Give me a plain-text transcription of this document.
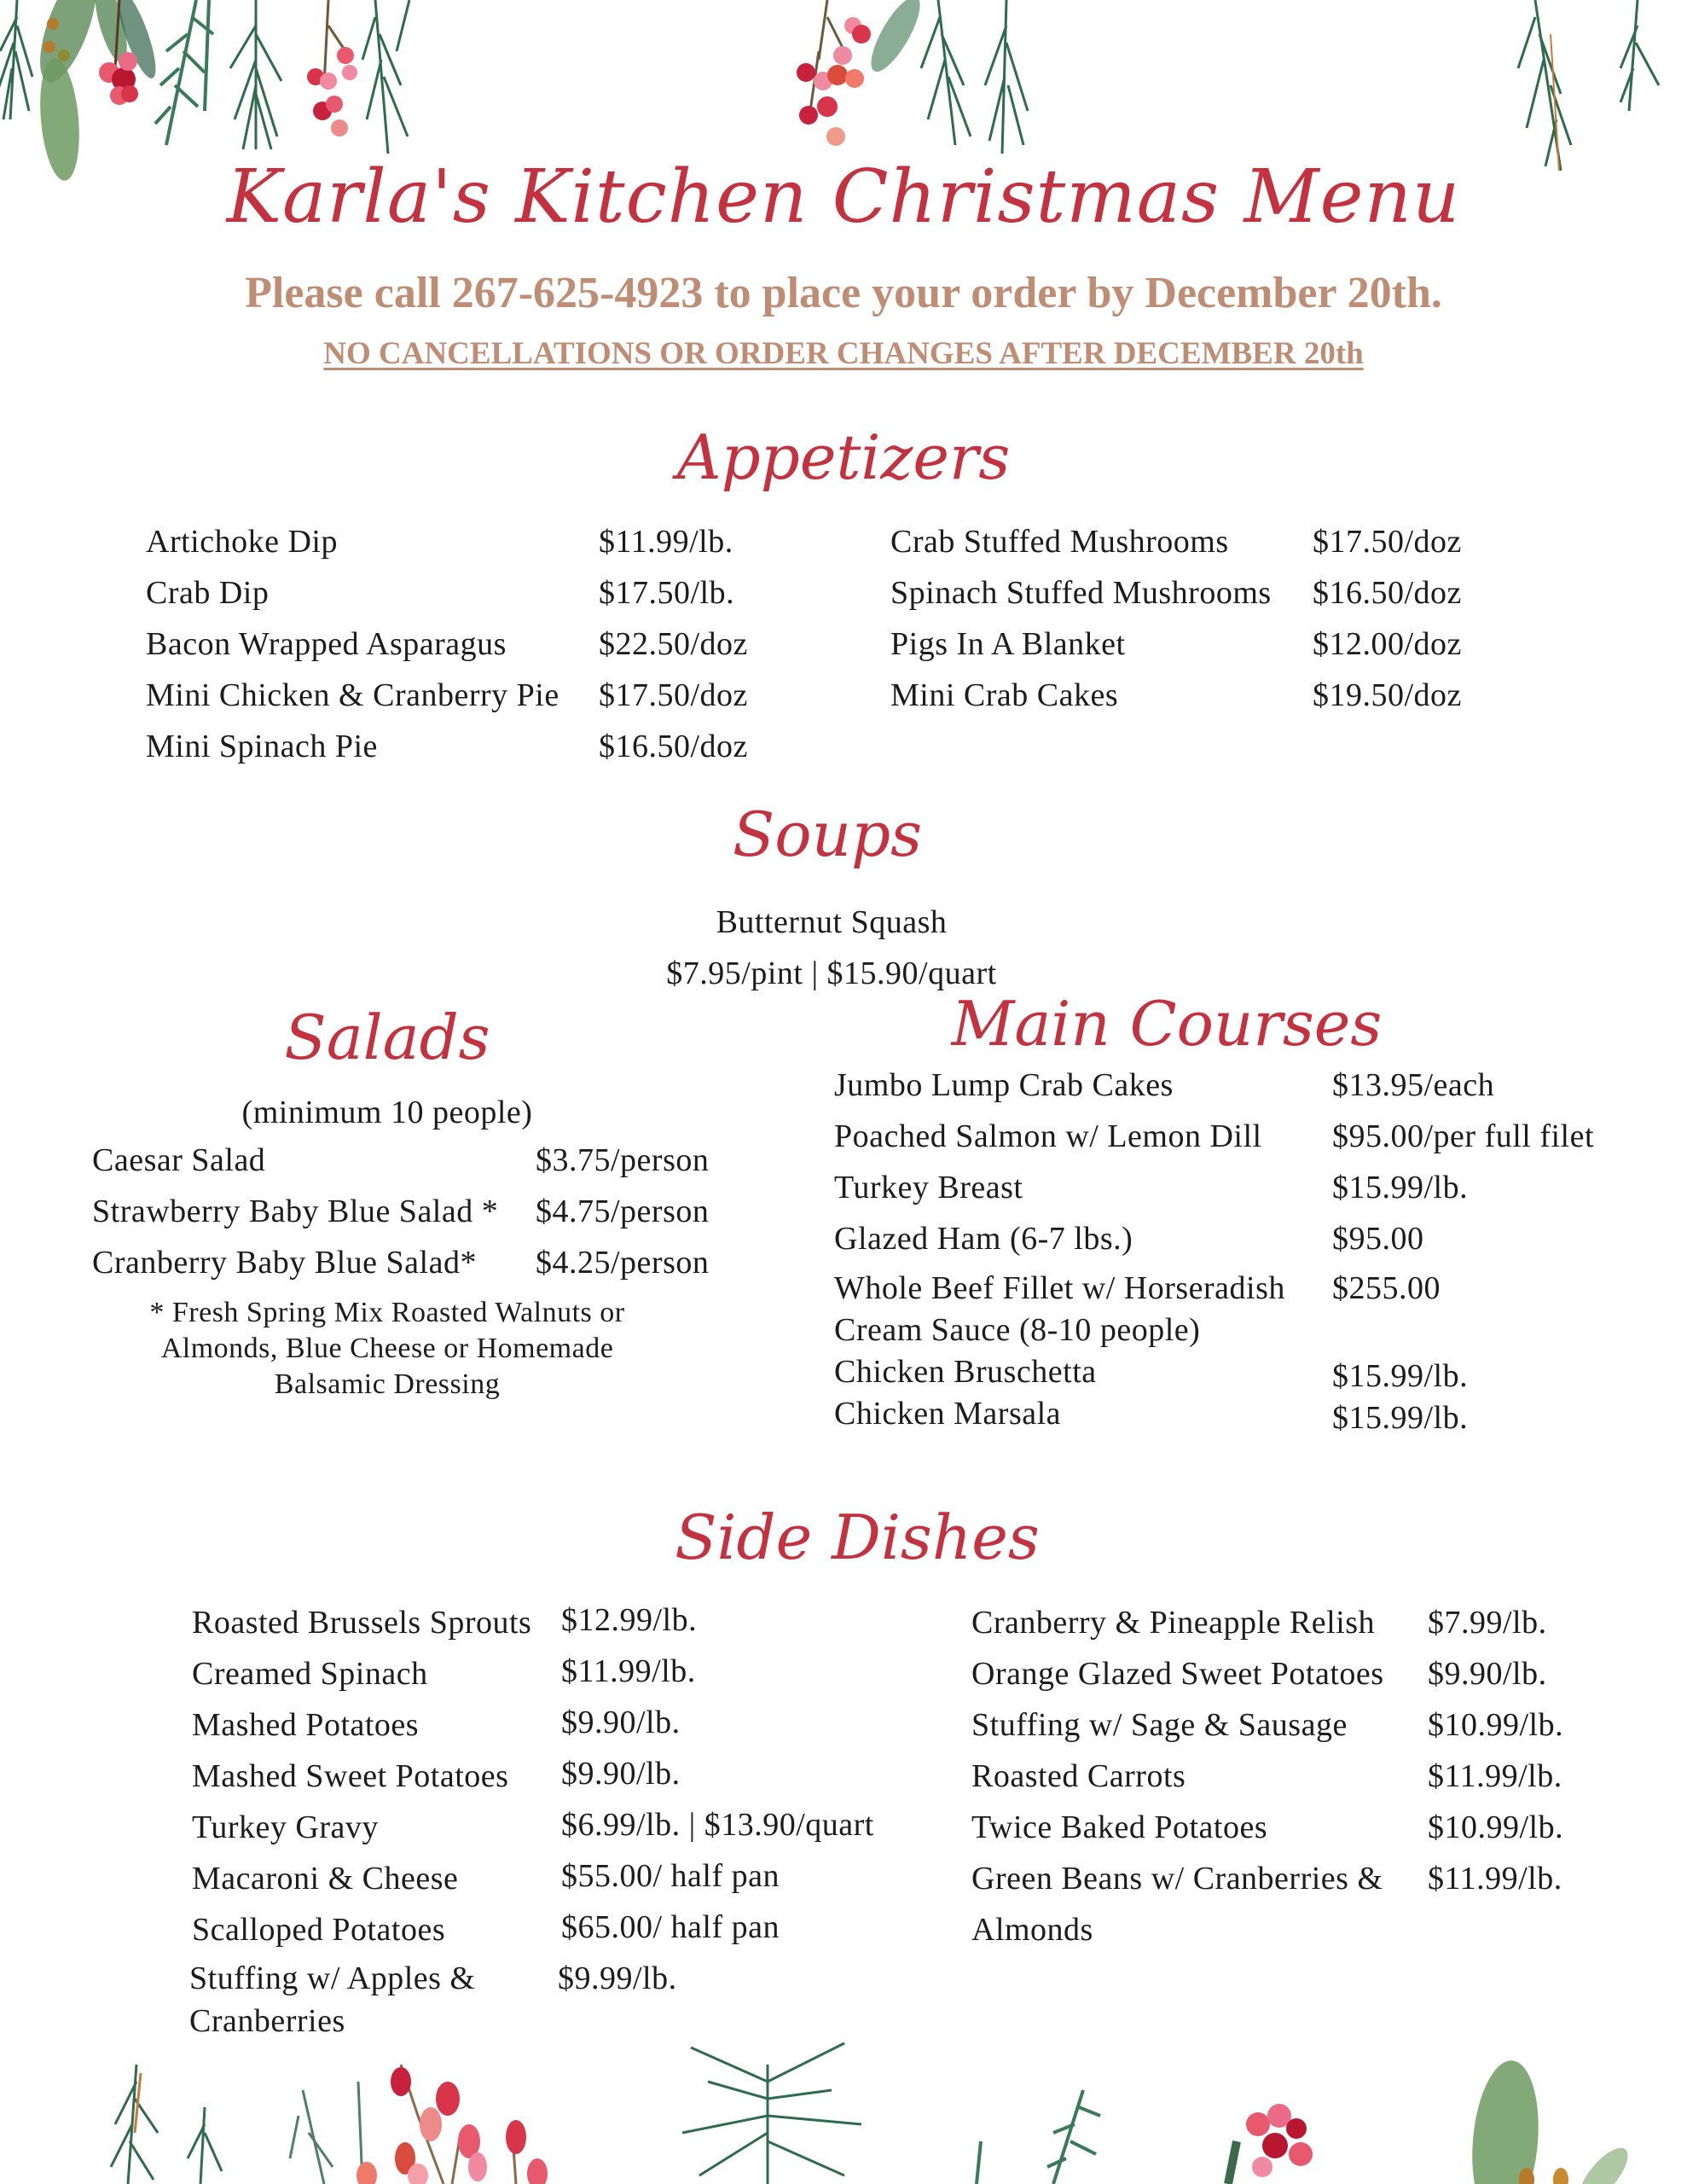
Karla's Kitchen Christmas Menu
Please call 267-625-4923 to place your order by December 20th.
NO CANCELLATIONS OR ORDER CHANGES AFTER DECEMBER 20th
Appetizers
Artichoke Dip	$11.99/lb.
Crab Dip	$17.50/lb.
Bacon Wrapped Asparagus	$22.50/doz
Mini Chicken & Cranberry Pie $17.50/doz
Mini Spinach Pie	$16.50/doz
Crab Stuffed Mushrooms	$17.50/doz
Spinach Stuffed Mushrooms $16.50/doz
Pigs In A Blanket	$12.00/doz
Mini Crab Cakes	$19.50/doz
Soups
Butternut Squash
$7.95/pint | $15.90/quart
Salads
(minimum 10 people)
Caesar Salad	$3.75/person
Strawberry Baby Blue Salad * $4.75/person
Cranberry Baby Blue Salad* $4.25/person
* Fresh Spring Mix Roasted Walnuts or
Almonds, Blue Cheese or Homemade
Balsamic Dressing
Main Courses
Jumbo Lump Crab Cakes	$13.95/each
Poached Salmon w/ Lemon Dill $95.00/per full filet
Turkey Breast	$15.99/lb.
Glazed Ham (6-7 lbs.)	$95.00
Whole Beef Fillet w/ Horseradish
Cream Sauce (8-10 people)
$255.00
Chicken Bruschetta	$15.99/lb.
Chicken Marsala	$15.99/lb.
Side Dishes
Roasted Brussels Sprouts $12.99/lb.
Creamed Spinach	$11.99/lb.
Mashed Potatoes	$9.90/lb.
Mashed Sweet Potatoes $9.90/lb.
Turkey Gravy	$6.99/lb. | $13.90/quart
Macaroni & Cheese	$55.00/ half pan
Scalloped Potatoes	$65.00/ half pan
Stuffing w/ Apples &
Cranberries
$9.99/lb.
Cranberry & Pineapple Relish $7.99/lb.
Orange Glazed Sweet Potatoes $9.90/lb.
Stuffing w/ Sage & Sausage $10.99/lb.
Roasted Carrots	$11.99/lb.
Twice Baked Potatoes	$10.99/lb.
Green Beans w/ Cranberries &
Almonds
$11.99/lb.
